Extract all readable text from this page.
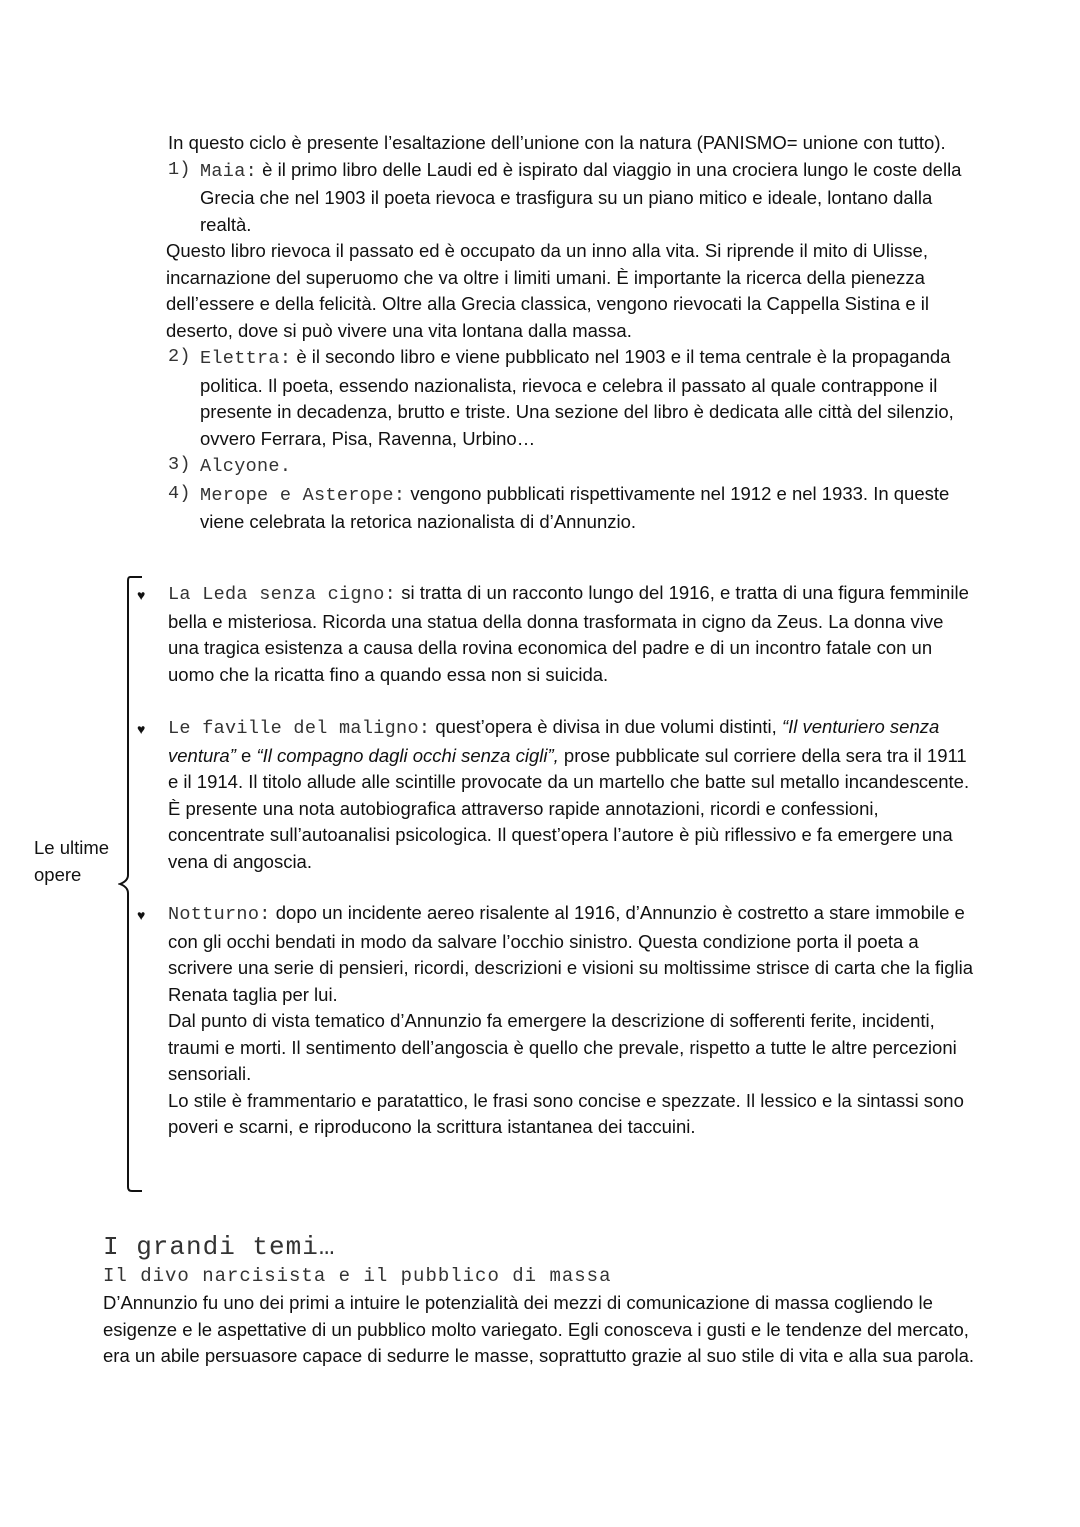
In questo ciclo è presente l’esaltazione dell’unione con la natura (PANISMO= unione con tutto).

1) Maia: è il primo libro delle Laudi ed è ispirato dal viaggio in una crociera lungo le coste della Grecia che nel 1903 il poeta rievoca e trasfigura su un piano mitico e ideale, lontano dalla realtà.

Questo libro rievoca il passato ed è occupato da un inno alla vita. Si riprende il mito di Ulisse, incarnazione del superuomo che va oltre i limiti umani. È importante la ricerca della pienezza dell’essere e della felicità. Oltre alla Grecia classica, vengono rievocati la Cappella Sistina e il deserto, dove si può vivere una vita lontana dalla massa.

2) Elettra: è il secondo libro e viene pubblicato nel 1903 e il tema centrale è la propaganda politica. Il poeta, essendo nazionalista, rievoca e celebra il passato al quale contrappone il presente in decadenza, brutto e triste. Una sezione del libro è dedicata alle città del silenzio, ovvero Ferrara, Pisa, Ravenna, Urbino…
3) Alcyone.
4) Merope e Asterope: vengono pubblicati rispettivamente nel 1912 e nel 1933. In queste viene celebrata la retorica nazionalista di d’Annunzio.
Le ultime opere
♥ La Leda senza cigno: si tratta di un racconto lungo del 1916, e tratta di una figura femminile bella e misteriosa. Ricorda una statua della donna trasformata in cigno da Zeus. La donna vive una tragica esistenza a causa della rovina economica del padre e di un incontro fatale con un uomo che la ricatta fino a quando essa non si suicida.
♥ Le faville del maligno: quest’opera è divisa in due volumi distinti, “Il venturiero senza ventura” e “Il compagno dagli occhi senza cigli”, prose pubblicate sul corriere della sera tra il 1911 e il 1914. Il titolo allude alle scintille provocate da un martello che batte sul metallo incandescente. È presente una nota autobiografica attraverso rapide annotazioni, ricordi e confessioni, concentrate sull’autoanalisi psicologica. Il quest’opera l’autore è più riflessivo e fa emergere una vena di angoscia.
♥ Notturno: dopo un incidente aereo risalente al 1916, d’Annunzio è costretto a stare immobile e con gli occhi bendati in modo da salvare l’occhio sinistro. Questa condizione porta il poeta a scrivere una serie di pensieri, ricordi, descrizioni e visioni su moltissime strisce di carta che la figlia Renata taglia per lui.

Dal punto di vista tematico d’Annunzio fa emergere la descrizione di sofferenti ferite, incidenti, traumi e morti. Il sentimento dell’angoscia è quello che prevale, rispetto a tutte le altre percezioni sensoriali.

Lo stile è frammentario e paratattico, le frasi sono concise e spezzate. Il lessico e la sintassi sono poveri e scarni, e riproducono la scrittura istantanea dei taccuini.

I grandi temi…
Il divo narcisista e il pubblico di massa

D’Annunzio fu uno dei primi a intuire le potenzialità dei mezzi di comunicazione di massa cogliendo le esigenze e le aspettative di un pubblico molto variegato. Egli conosceva i gusti e le tendenze del mercato, era un abile persuasore capace di sedurre le masse, soprattutto grazie al suo stile di vita e alla sua parola.
